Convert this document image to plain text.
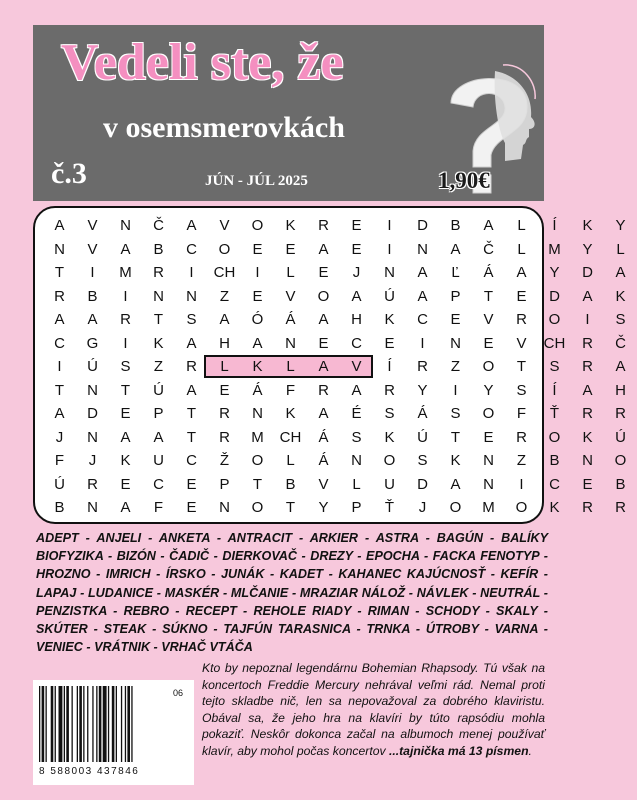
Vedeli ste, že
v osemsmerovkách
č.3	JÚN - JÚL 2025	1,90€
A	V	N	Č	A	V	O	K	R	E	I	D	B	A	L	Í	K	Y
N	V	A	B	C	O	E	E	A	E	I	N	A	Č	L	M	Y	L
T	I	M	R	I	CH	I	L	E	J	N	A	Ľ	Á	A	Y	D	A
R	B	I	N	N	Z	E	V	O	A	Ú	A	P	T	E	D	A	K
A	A	R	T	S	A	Ó	Á	A	H	K	C	E	V	R	O	I	S
C	G	I	K	A	H	A	N	E	C	E	I	N	E	V	CH	R	Č
I	Ú	S	Z	R	L	K	L	A	V	Í	R	Z	O	T	S	R	A
T	N	T	Ú	A	E	Á	F	R	A	R	Y	I	Y	S	Í	A	H
A	D	E	P	T	R	N	K	A	É	S	Á	S	O	F	Ť	R	R
J	N	A	A	T	R	M	CH	Á	S	K	Ú	T	E	R	O	K	Ú
F	J	K	U	C	Ž	O	L	Á	N	O	S	K	N	Z	B	N	O
Ú	R	E	C	E	P	T	B	V	L	U	D	A	N	I	C	E	B
B	N	A	F	E	N	O	T	Y	P	Ť	J	O	M	O	K	R	R
ADEPT - ANJELI - ANKETA - ANTRACIT - ARKIER - ASTRA - BAGÚN - BALÍKY BIOFYZIKA - BIZÓN - ČADIČ - DIERKOVAČ - DREZY - EPOCHA - FACKA FENOTYP - HROZNO - IMRICH - ÍRSKO - JUNÁK - KADET - KAHANEC KAJÚCNOSŤ - KEFÍR - LAPAJ - LUDANICE - MASKÉR - MLČANIE - MRAZIAR NÁLOŽ - NÁVLEK - NEUTRÁL - PENZISTKA - REBRO - RECEPT - REHOLE RIADY - RIMAN - SCHODY - SKALY - SKÚTER - STEAK - SÚKNO - TAJFÚN TARASNICA - TRNKA - ÚTROBY - VARNA - VENIEC - VRÁTNIK - VRHAČ VTÁČA
06
8 588003 437846
Kto by nepoznal legendárnu Bohemian Rhapsody. Tú však na koncertoch Freddie Mercury nehrával veľmi rád. Nemal proti tejto skladbe nič, len sa nepovažoval za dobrého klaviristu. Obával sa, že jeho hra na klavíri by túto rapsódiu mohla pokaziť. Neskôr dokonca začal na albumoch menej používať klavír, aby mohol počas koncertov ...tajnička má 13 písmen.
